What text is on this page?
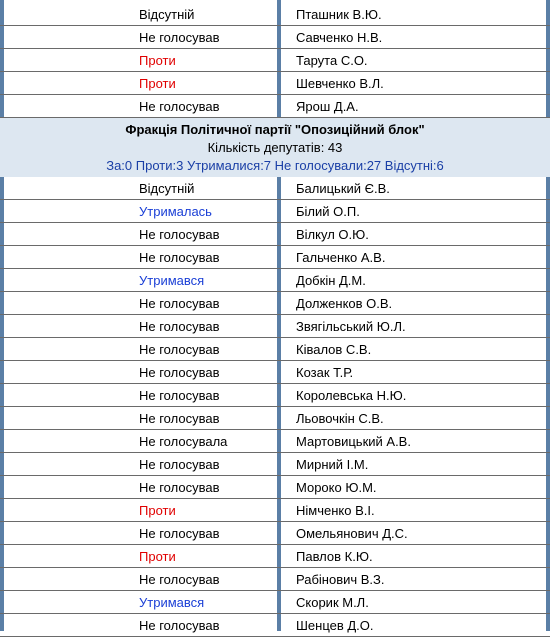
Відсутній	Пташник В.Ю.
Не голосував	Савченко Н.В.
Проти	Тарута С.О.
Проти	Шевченко В.Л.
Не голосував	Ярош Д.А.
Фракція Політичної партії "Опозиційний блок"
Кількість депутатів: 43
За:0 Проти:3 Утрималися:7 Не голосували:27 Відсутні:6
Відсутній	Балицький Є.В.
Утрималась	Білий О.П.
Не голосував	Вілкул О.Ю.
Не голосував	Гальченко А.В.
Утримався	Добкін Д.М.
Не голосував	Долженков О.В.
Не голосував	Звягільський Ю.Л.
Не голосував	Ківалов С.В.
Не голосував	Козак Т.Р.
Не голосував	Королевська Н.Ю.
Не голосував	Льовочкін С.В.
Не голосувала	Мартовицький А.В.
Не голосував	Мирний І.М.
Не голосував	Мороко Ю.М.
Проти	Німченко В.І.
Не голосував	Омельянович Д.С.
Проти	Павлов К.Ю.
Не голосував	Рабінович В.З.
Утримався	Скорик М.Л.
Не голосував	Шенцев Д.О.
